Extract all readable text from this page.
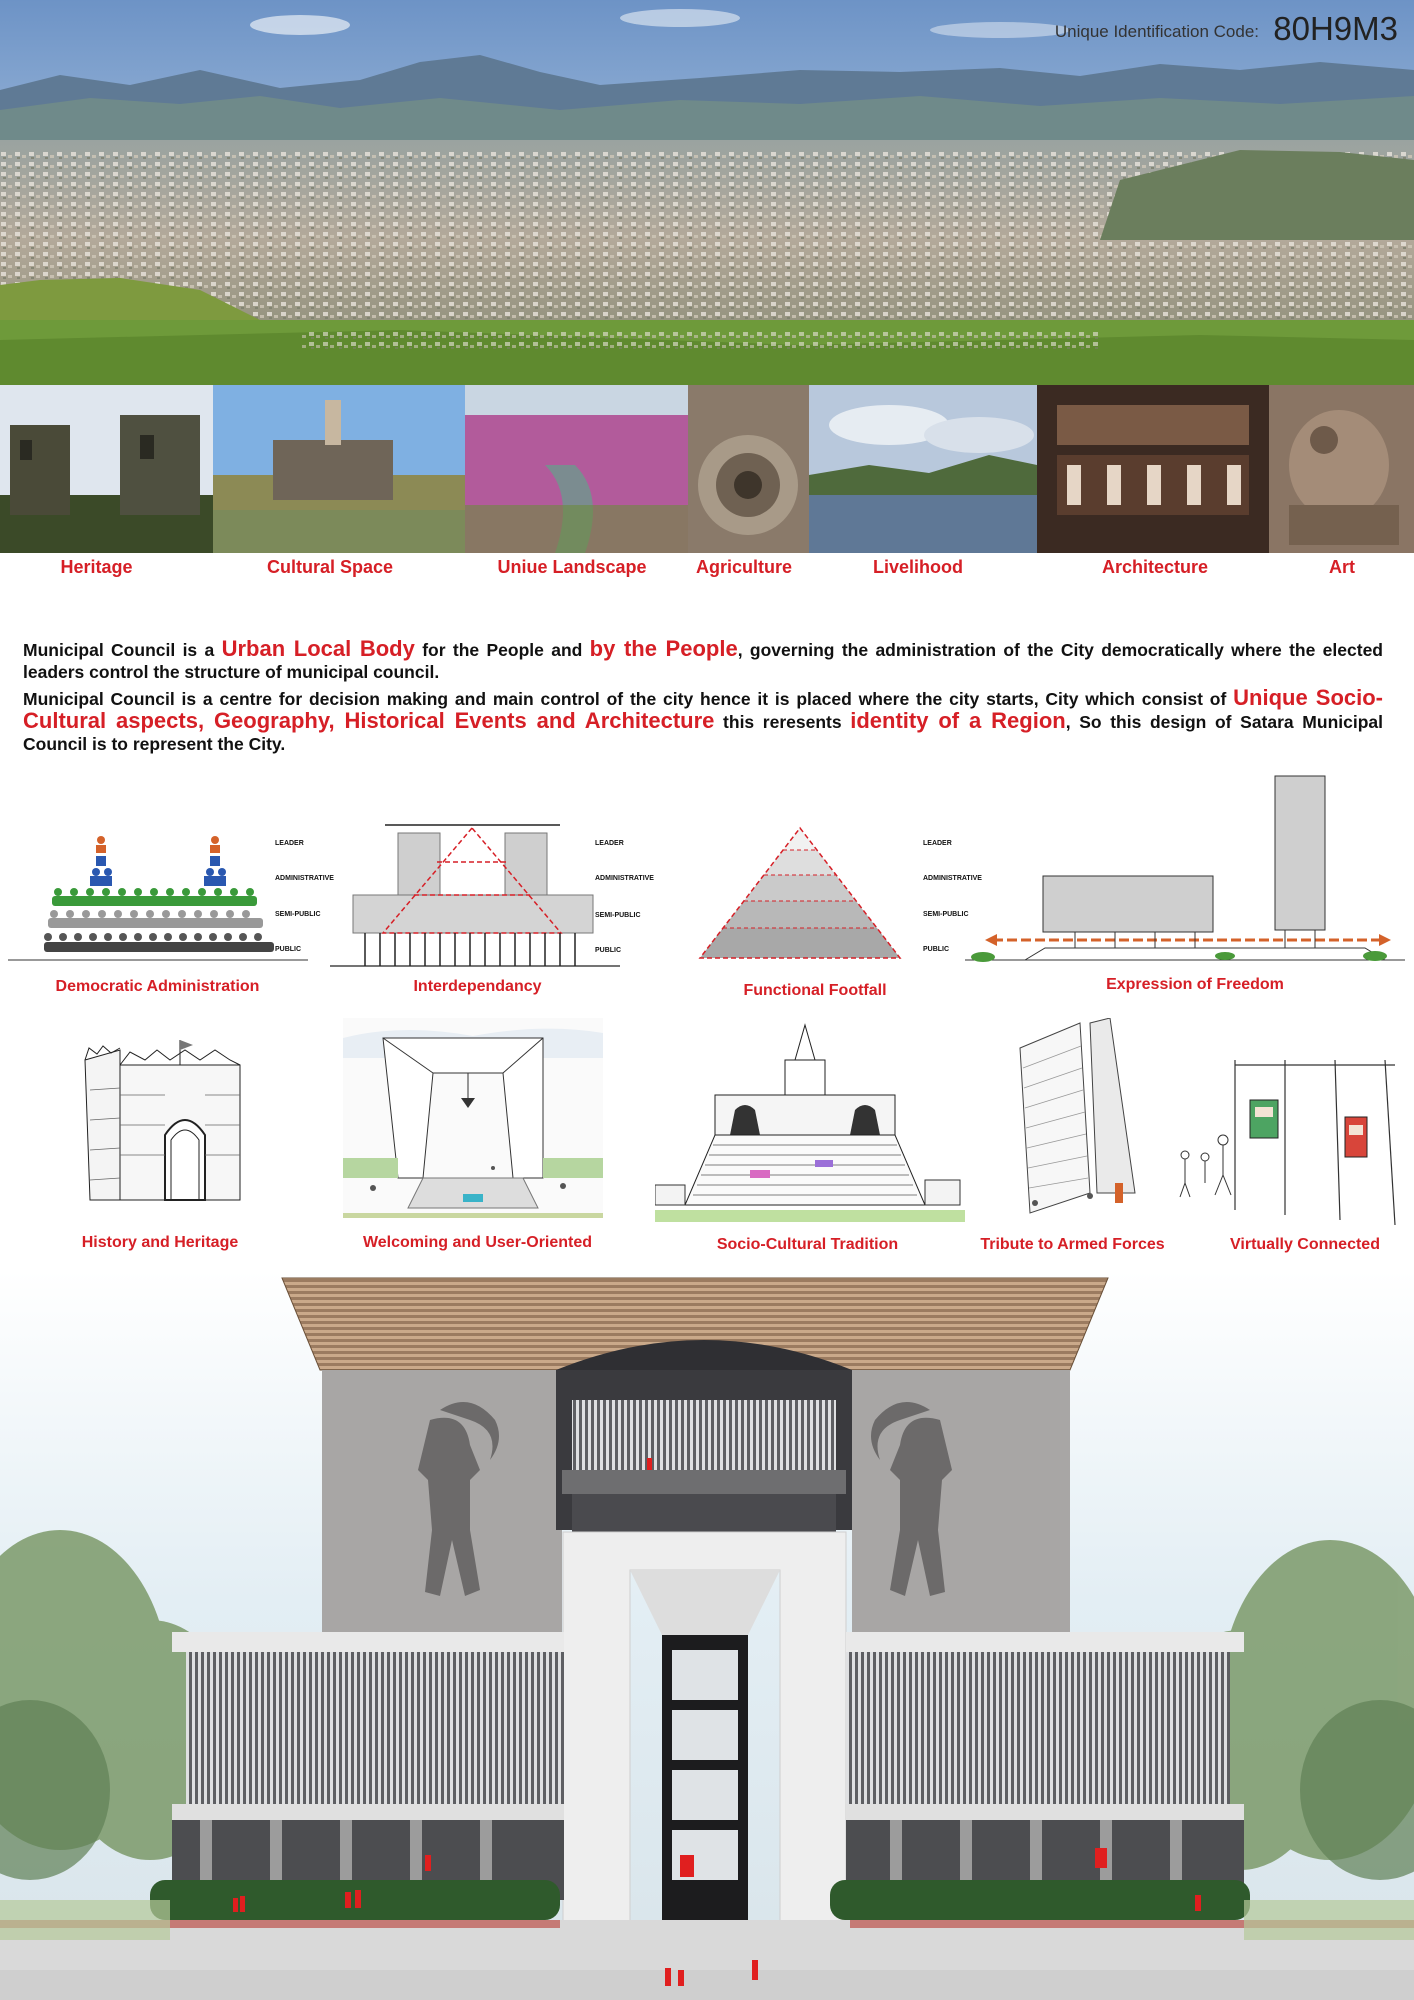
Unique Identification Code: 80H9M3
Heritage	Cultural Space	Uniue Landscape	Agriculture	Livelihood	Architecture	Art

Municipal Council is a Urban Local Body for the People and by the People, governing the administration of the City democratically where the elected leaders control the structure of municipal council.

Municipal Council is a centre for decision making and main control of the city hence it is placed where the city starts, City which consist of Unique Socio-Cultural aspects, Geography, Historical Events and Architecture this reresents identity of a Region, So this design of Satara Municipal Council is to represent the City.

LEADER
ADMINISTRATIVE
SEMI-PUBLIC
PUBLIC
Democratic Administration
LEADER
ADMINISTRATIVE
SEMI-PUBLIC
PUBLIC
Interdependancy
LEADER
ADMINISTRATIVE
SEMI-PUBLIC
PUBLIC
Functional Footfall	Expression of Freedom
History and Heritage	Welcoming and User-Oriented	Socio-Cultural Tradition	Tribute to Armed Forces	Virtually Connected
